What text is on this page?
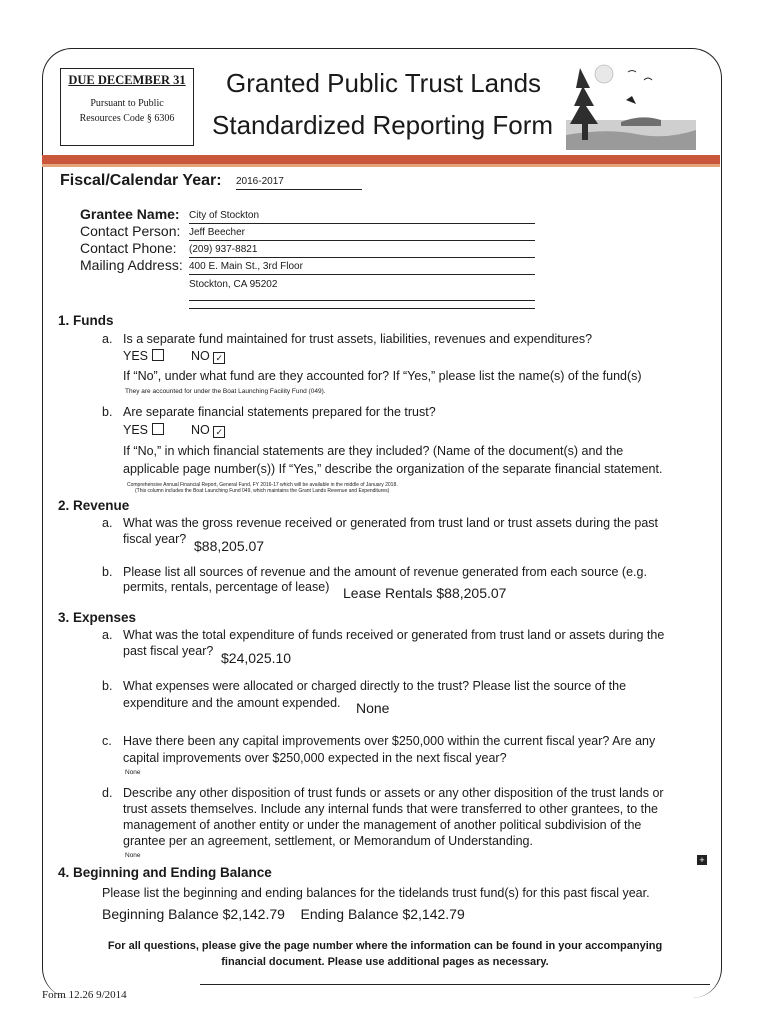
DUE DECEMBER 31
Pursuant to Public
Resources Code § 6306
Granted Public Trust Lands
Standardized Reporting Form
Fiscal/Calendar Year: 2016-2017
Grantee Name: City of Stockton
Contact Person: Jeff Beecher
Contact Phone: (209) 937-8821
Mailing Address: 400 E. Main St., 3rd Floor
Stockton, CA 95202
1. Funds
a. Is a separate fund maintained for trust assets, liabilities, revenues and expenditures?
YES	NO ✓
If “No”, under what fund are they accounted for? If “Yes,” please list the name(s) of the fund(s)
They are accounted for under the Boat Launching Facility Fund (049).
b. Are separate financial statements prepared for the trust?
YES	NO ✓
If “No,” in which financial statements are they included? (Name of the document(s) and the
applicable page number(s)) If “Yes,” describe the organization of the separate financial statement.
Comprehensive Annual Financial Report, General Fund, FY 2016-17 which will be available in the middle of January 2018.
(This column includes the Boat Launching Fund 049, which maintains the Grant Lands Revenue and Expenditures)
2. Revenue
a. What was the gross revenue received or generated from trust land or trust assets during the past
fiscal year? $88,205.07
b. Please list all sources of revenue and the amount of revenue generated from each source (e.g.
permits, rentals, percentage of lease) Lease Rentals $88,205.07
3. Expenses
a. What was the total expenditure of funds received or generated from trust land or assets during the
past fiscal year? $24,025.10
b. What expenses were allocated or charged directly to the trust? Please list the source of the
expenditure and the amount expended. None
c. Have there been any capital improvements over $250,000 within the current fiscal year? Are any
capital improvements over $250,000 expected in the next fiscal year?
None
d. Describe any other disposition of trust funds or assets or any other disposition of the trust lands or
trust assets themselves. Include any internal funds that were transferred to other grantees, to the
management of another entity or under the management of another political subdivision of the
grantee per an agreement, settlement, or Memorandum of Understanding.
None	+
4. Beginning and Ending Balance
Please list the beginning and ending balances for the tidelands trust fund(s) for this past fiscal year.
Beginning Balance $2,142.79    Ending Balance $2,142.79
For all questions, please give the page number where the information can be found in your accompanying
financial document. Please use additional pages as necessary.
Form 12.26 9/2014
